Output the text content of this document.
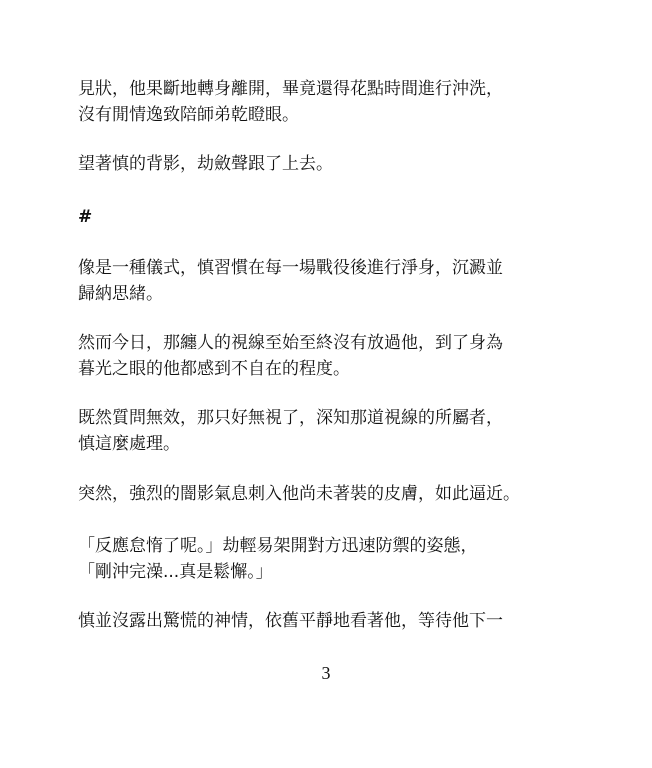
見狀，他果斷地轉身離開，畢竟還得花點時間進行沖洗，
沒有閒情逸致陪師弟乾瞪眼。

望著慎的背影，劫斂聲跟了上去。

#

像是一種儀式，慎習慣在每一場戰役後進行淨身，沉澱並
歸納思緒。

然而今日，那纏人的視線至始至終沒有放過他，到了身為
暮光之眼的他都感到不自在的程度。

既然質問無效，那只好無視了，深知那道視線的所屬者，
慎這麼處理。

突然，強烈的闇影氣息刺入他尚未著裝的皮膚，如此逼近。

「反應怠惰了呢。」劫輕易架開對方迅速防禦的姿態，
「剛沖完澡...真是鬆懈。」

慎並沒露出驚慌的神情，依舊平靜地看著他，等待他下一

3
